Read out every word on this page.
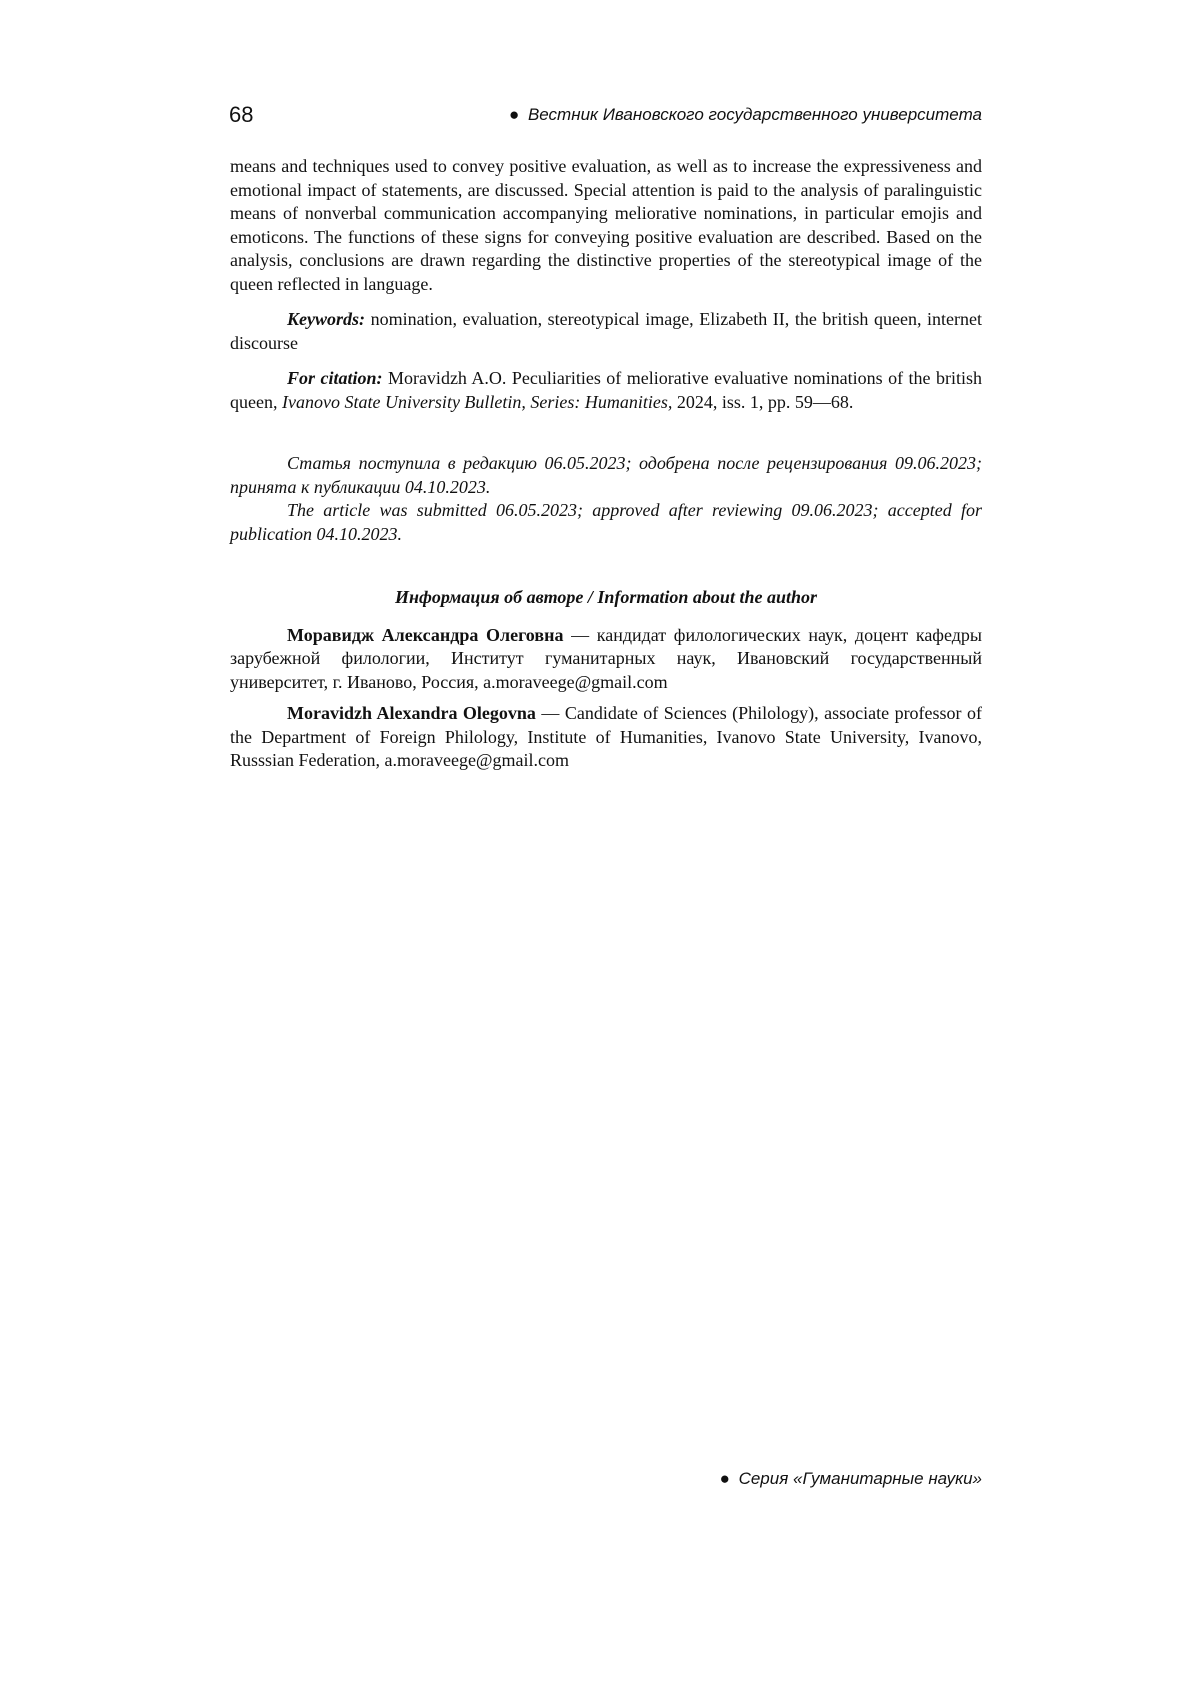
68	● Вестник Ивановского государственного университета

means and techniques used to convey positive evaluation, as well as to increase the expressiveness and emotional impact of statements, are discussed. Special attention is paid to the analysis of paralinguistic means of nonverbal communication accompanying meliorative nominations, in particular emojis and emoticons. The functions of these signs for conveying positive evaluation are described. Based on the analysis, conclusions are drawn regarding the distinctive properties of the stereotypical image of the queen reflected in language.

Keywords: nomination, evaluation, stereotypical image, Elizabeth II, the british queen, internet discourse

For citation: Moravidzh A.O. Peculiarities of meliorative evaluative nominations of the british queen, Ivanovo State University Bulletin, Series: Humanities, 2024, iss. 1, pp. 59—68.

Статья поступила в редакцию 06.05.2023; одобрена после рецензирования 09.06.2023; принята к публикации 04.10.2023.

The article was submitted 06.05.2023; approved after reviewing 09.06.2023; accepted for publication 04.10.2023.

Информация об авторе / Information about the author

Моравидж Александра Олеговна — кандидат филологических наук, доцент кафедры зарубежной филологии, Институт гуманитарных наук, Ивановский государственный университет, г. Иваново, Россия, a.moraveege@gmail.com

Moravidzh Alexandra Olegovna — Candidate of Sciences (Philology), associate professor of the Department of Foreign Philology, Institute of Humanities, Ivanovo State University, Ivanovo, Russsian Federation, a.moraveege@gmail.com

● Серия «Гуманитарные науки»
